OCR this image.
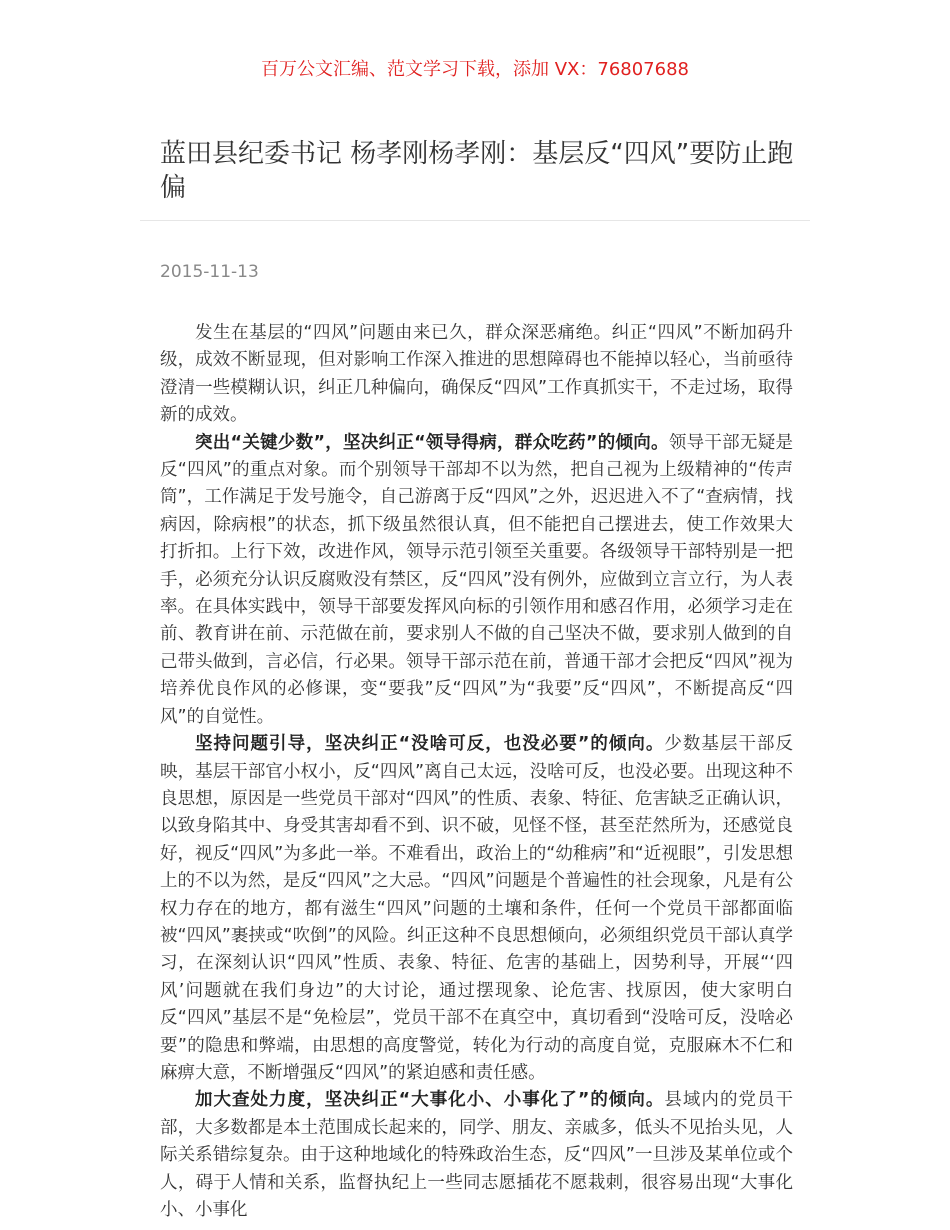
百万公文汇编、范文学习下载，添加 VX：76807688
蓝田县纪委书记 杨孝刚杨孝刚：基层反“四风”要防止跑偏
2015-11-13

发生在基层的“四风”问题由来已久，群众深恶痛绝。纠正“四风”不断加码升级，成效不断显现，但对影响工作深入推进的思想障碍也不能掉以轻心，当前亟待澄清一些模糊认识，纠正几种偏向，确保反“四风”工作真抓实干，不走过场，取得新的成效。

突出“关键少数”，坚决纠正“领导得病，群众吃药”的倾向。领导干部无疑是反“四风”的重点对象。而个别领导干部却不以为然，把自己视为上级精神的“传声筒”，工作满足于发号施令，自己游离于反“四风”之外，迟迟进入不了“查病情，找病因，除病根”的状态，抓下级虽然很认真，但不能把自己摆进去，使工作效果大打折扣。上行下效，改进作风，领导示范引领至关重要。各级领导干部特别是一把手，必须充分认识反腐败没有禁区，反“四风”没有例外，应做到立言立行，为人表率。在具体实践中，领导干部要发挥风向标的引领作用和感召作用，必须学习走在前、教育讲在前、示范做在前，要求别人不做的自己坚决不做，要求别人做到的自己带头做到，言必信，行必果。领导干部示范在前，普通干部才会把反“四风”视为培养优良作风的必修课，变“要我”反“四风”为“我要”反“四风”，不断提高反“四风”的自觉性。

坚持问题引导，坚决纠正“没啥可反，也没必要”的倾向。少数基层干部反映，基层干部官小权小，反“四风”离自己太远，没啥可反，也没必要。出现这种不良思想，原因是一些党员干部对“四风”的性质、表象、特征、危害缺乏正确认识，以致身陷其中、身受其害却看不到、识不破，见怪不怪，甚至茫然所为，还感觉良好，视反“四风”为多此一举。不难看出，政治上的“幼稚病”和“近视眼”，引发思想上的不以为然，是反“四风”之大忌。“四风”问题是个普遍性的社会现象，凡是有公权力存在的地方，都有滋生“四风”问题的土壤和条件，任何一个党员干部都面临被“四风”裹挟或“吹倒”的风险。纠正这种不良思想倾向，必须组织党员干部认真学习，在深刻认识“四风”性质、表象、特征、危害的基础上，因势利导，开展“‘四风’问题就在我们身边”的大讨论，通过摆现象、论危害、找原因，使大家明白反“四风”基层不是“免检层”，党员干部不在真空中，真切看到“没啥可反，没啥必要”的隐患和弊端，由思想的高度警觉，转化为行动的高度自觉，克服麻木不仁和麻痹大意，不断增强反“四风”的紧迫感和责任感。

加大查处力度，坚决纠正“大事化小、小事化了”的倾向。县域内的党员干部，大多数都是本土范围成长起来的，同学、朋友、亲戚多，低头不见抬头见，人际关系错综复杂。由于这种地域化的特殊政治生态，反“四风”一旦涉及某单位或个人，碍于人情和关系，监督执纪上一些同志愿插花不愿栽刺，很容易出现“大事化小、小事化
